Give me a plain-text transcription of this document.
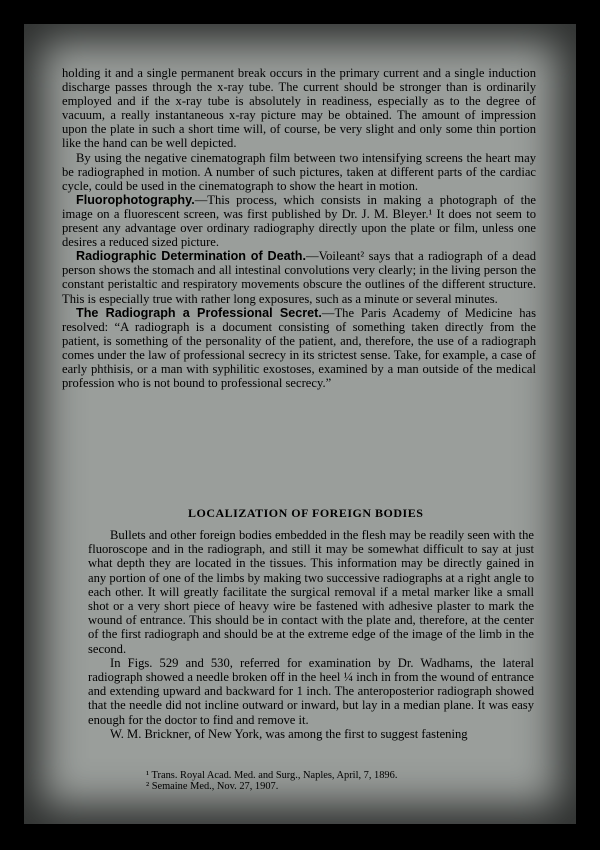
810	MEDICAL ELECTRICITY AND RÖNTGEN RAYS

holding it and a single permanent break occurs in the primary current and a single induction discharge passes through the x-ray tube. The current should be stronger than is ordinarily employed and if the x-ray tube is absolutely in readiness, especially as to the degree of vacuum, a really instantaneous x-ray picture may be obtained. The amount of impression upon the plate in such a short time will, of course, be very slight and only some thin portion like the hand can be well depicted.

By using the negative cinematograph film between two intensifying screens the heart may be radiographed in motion. A number of such pictures, taken at different parts of the cardiac cycle, could be used in the cinematograph to show the heart in motion.

Fluorophotography.—This process, which consists in making a photograph of the image on a fluorescent screen, was first published by Dr. J. M. Bleyer.¹ It does not seem to present any advantage over ordinary radiography directly upon the plate or film, unless one desires a reduced sized picture.

Radiographic Determination of Death.—Voileant² says that a radiograph of a dead person shows the stomach and all intestinal convolutions very clearly; in the living person the constant peristaltic and respiratory movements obscure the outlines of the different structure. This is especially true with rather long exposures, such as a minute or several minutes.

The Radiograph a Professional Secret.—The Paris Academy of Medicine has resolved: “A radiograph is a document consisting of something taken directly from the patient, is something of the personality of the patient, and, therefore, the use of a radiograph comes under the law of professional secrecy in its strictest sense. Take, for example, a case of early phthisis, or a man with syphilitic exostoses, examined by a man outside of the medical profession who is not bound to professional secrecy.”

LOCALIZATION OF FOREIGN BODIES

Bullets and other foreign bodies embedded in the flesh may be readily seen with the fluoroscope and in the radiograph, and still it may be somewhat difficult to say at just what depth they are located in the tissues. This information may be directly gained in any portion of one of the limbs by making two successive radiographs at a right angle to each other. It will greatly facilitate the surgical removal if a metal marker like a small shot or a very short piece of heavy wire be fastened with adhesive plaster to mark the wound of entrance. This should be in contact with the plate and, therefore, at the center of the first radiograph and should be at the extreme edge of the image of the limb in the second.

In Figs. 529 and 530, referred for examination by Dr. Wadhams, the lateral radiograph showed a needle broken off in the heel ¼ inch in from the wound of entrance and extending upward and backward for 1 inch. The anteroposterior radiograph showed that the needle did not incline outward or inward, but lay in a median plane. It was easy enough for the doctor to find and remove it.

W. M. Brickner, of New York, was among the first to suggest fastening

¹ Trans. Royal Acad. Med. and Surg., Naples, April, 7, 1896.
² Semaine Med., Nov. 27, 1907.
